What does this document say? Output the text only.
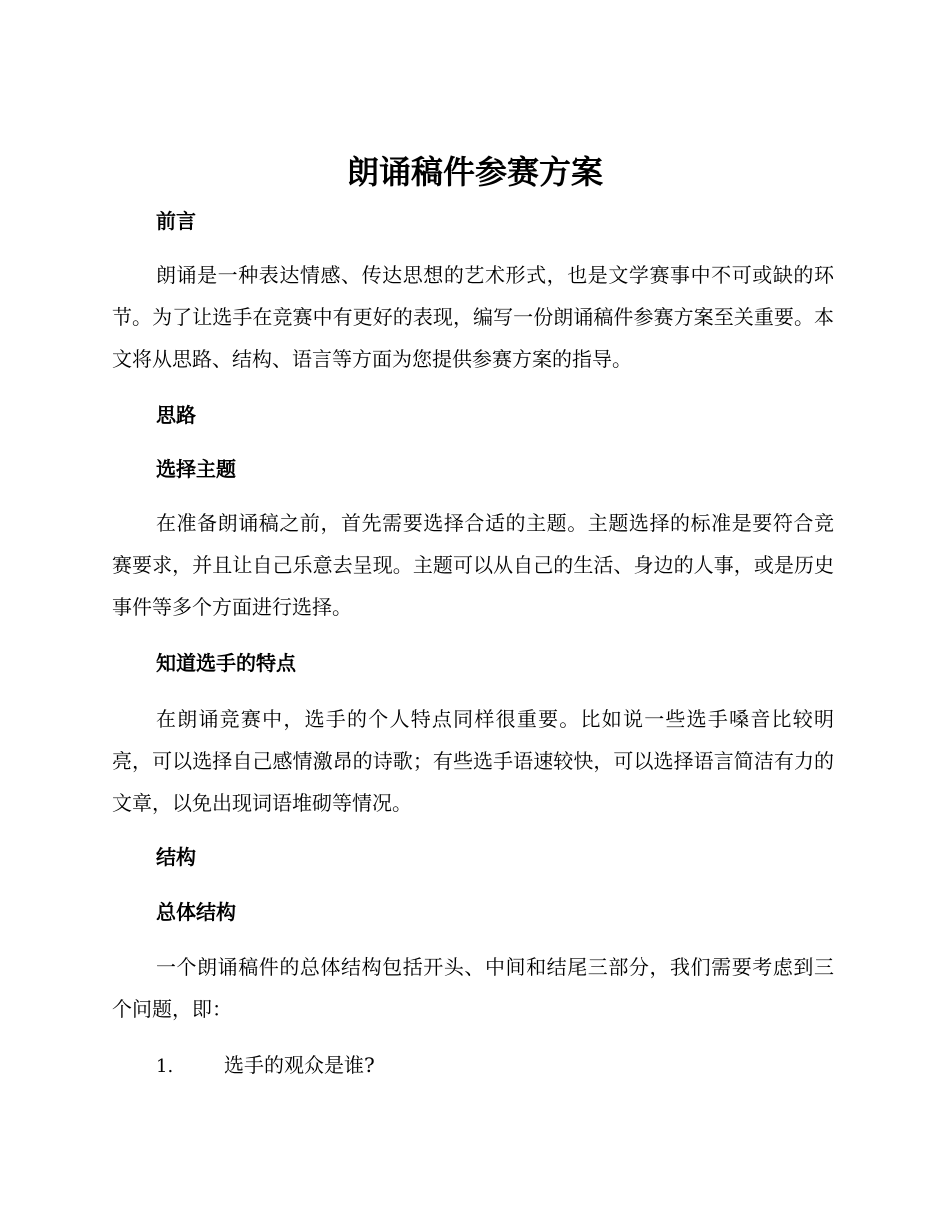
朗诵稿件参赛方案
前言

朗诵是一种表达情感、传达思想的艺术形式，也是文学赛事中不可或缺的环节。为了让选手在竞赛中有更好的表现，编写一份朗诵稿件参赛方案至关重要。本文将从思路、结构、语言等方面为您提供参赛方案的指导。

思路
选择主题

在准备朗诵稿之前，首先需要选择合适的主题。主题选择的标准是要符合竞赛要求，并且让自己乐意去呈现。主题可以从自己的生活、身边的人事，或是历史事件等多个方面进行选择。

知道选手的特点

在朗诵竞赛中，选手的个人特点同样很重要。比如说一些选手嗓音比较明亮，可以选择自己感情激昂的诗歌；有些选手语速较快，可以选择语言简洁有力的文章，以免出现词语堆砌等情况。

结构
总体结构

一个朗诵稿件的总体结构包括开头、中间和结尾三部分，我们需要考虑到三个问题，即：

1.	选手的观众是谁?
